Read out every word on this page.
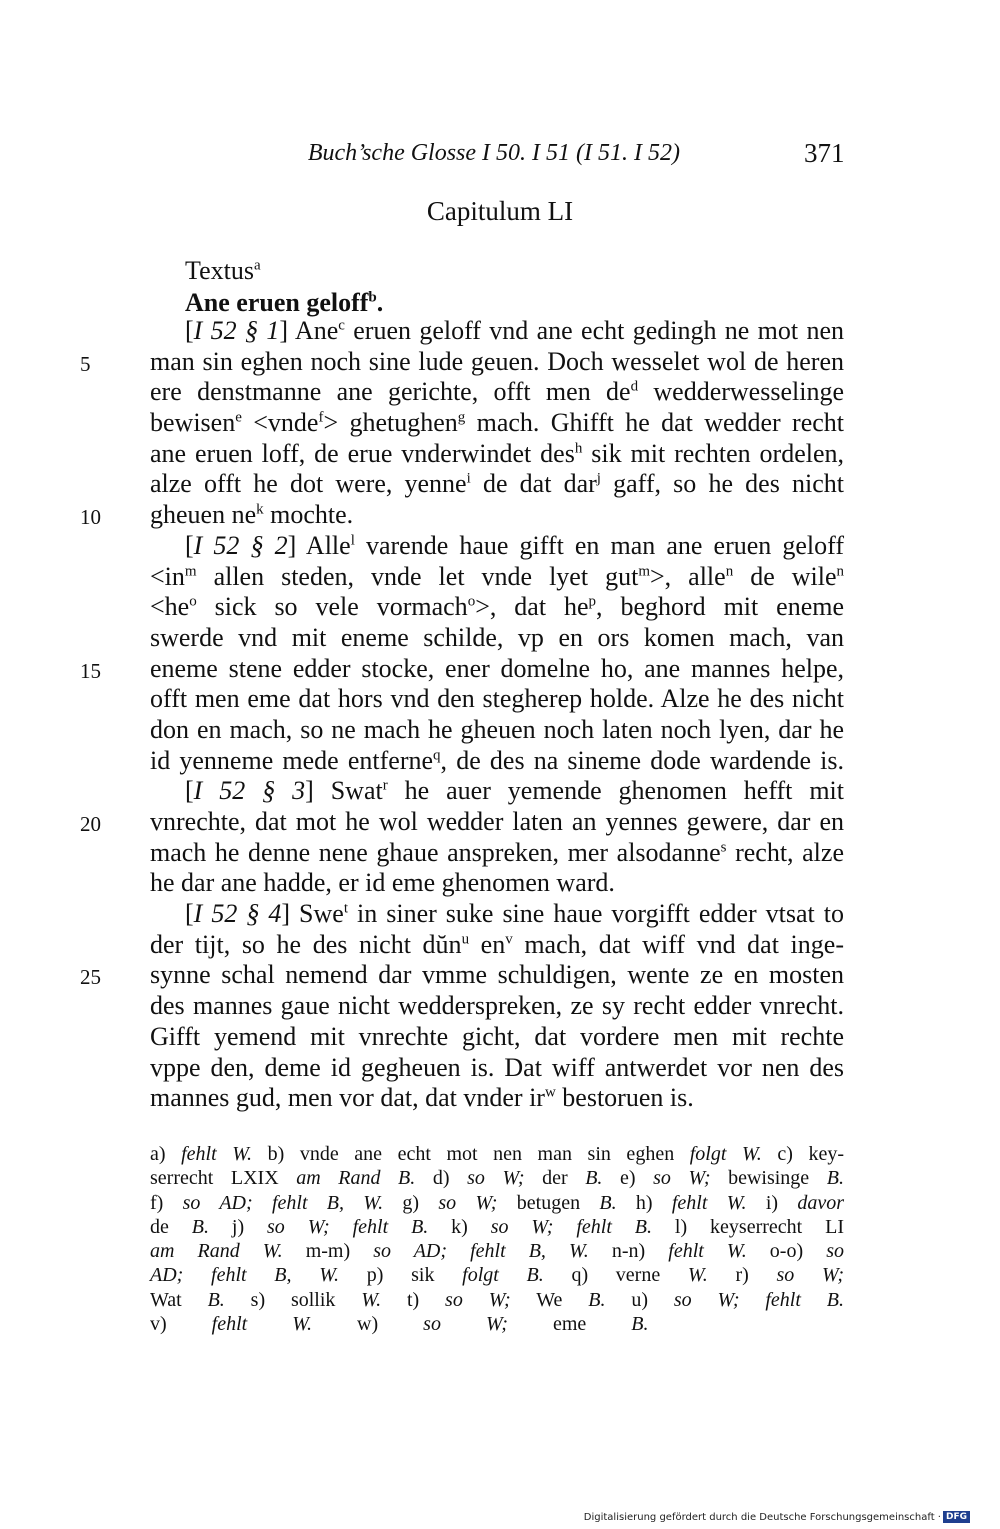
Buch’sche Glosse I 50. I 51 (I 51. I 52)	371
Capitulum LI
Textus$^a$
Ane eruen geloff$^b$.
[I 52 § 1] Ane$^c$ eruen geloff vnd ane echt gedingh ne mot nen
5	man sin eghen noch sine lude geuen. Doch wesselet wol de heren
ere denstmanne ane gerichte, offt men $de^d$ wedderwesselinge
bewisen$^e$ <vnde$^f$> ghetughen$^g$ mach. Ghifft he dat wedder recht
ane eruen loff, de erue vnderwindet des$^h$ sik mit rechten ordelen,
alze offt he dot were, yenne$^i$ de dat dar$^j$ gaff, so he des nicht
10	gheuen $ne^k$ mochte.
[I 52 § 2] Alle$^l$ varende haue gifft en man ane eruen geloff
$<in^m$ allen steden, vnde let vnde lyet gut$^m$>, alle$^n$ de wile$^n$
$<he^o$ sick so vele vormach$^o$>, dat $he^p$, beghord mit eneme
swerde vnd mit eneme schilde, vp en ors komen mach, van
15	eneme stene edder stocke, ener domelne ho, ane mannes helpe,
offt men eme dat hors vnd den stegherep holde. Alze he des nicht
don en mach, so ne mach he gheuen noch laten noch lyen, dar he
id yenneme mede entferne$^q$, de des na sineme dode wardende is.
[I 52 § 3] Swat$^r$ he auer yemende ghenomen hefft mit
20	vnrechte, dat mot he wol wedder laten an yennes gewere, dar en
mach he denne nene ghaue anspreken, mer alsodanne$^s$ recht, alze
he dar ane hadde, er id eme ghenomen ward.
[I 52 § 4] Swe$^t$ in siner suke sine haue vorgifft edder vtsat to
der tijt, so he des nicht dŭn$^u$ $en^v$ mach, dat wiff vnd dat inge-
25	synne schal nemend dar vmme schuldigen, wente ze en mosten
des mannes gaue nicht wedderspreken, ze sy recht edder vnrecht.
Gifft yemend mit vnrechte gicht, dat vordere men mit rechte
vppe den, deme id gegheuen is. Dat wiff antwerdet vor nen des
mannes gud, men vor dat, dat vnder $ir^w$ bestoruen is.
a) fehlt W. b) vnde ane echt mot nen man sin eghen folgt W. c) key-
serrecht LXIX am Rand B. d) so W; der B. e) so W; bewisinge B.
f) so AD; fehlt B, W. g) so W; betugen B. h) fehlt W. i) davor
de B. j) so W; fehlt B. k) so W; fehlt B. l) keyserrecht LI
am Rand W. m-m) so AD; fehlt B, W. n-n) fehlt W. o-o) so
AD; fehlt B, W. p) sik folgt B. q) verne W. r) so W;
Wat B. s) sollik W. t) so W; We B. u) so W; fehlt B.
v) fehlt W. w) so W; eme B.
Digitalisierung gefördert durch die Deutsche Forschungsgemeinschaft · DFG
